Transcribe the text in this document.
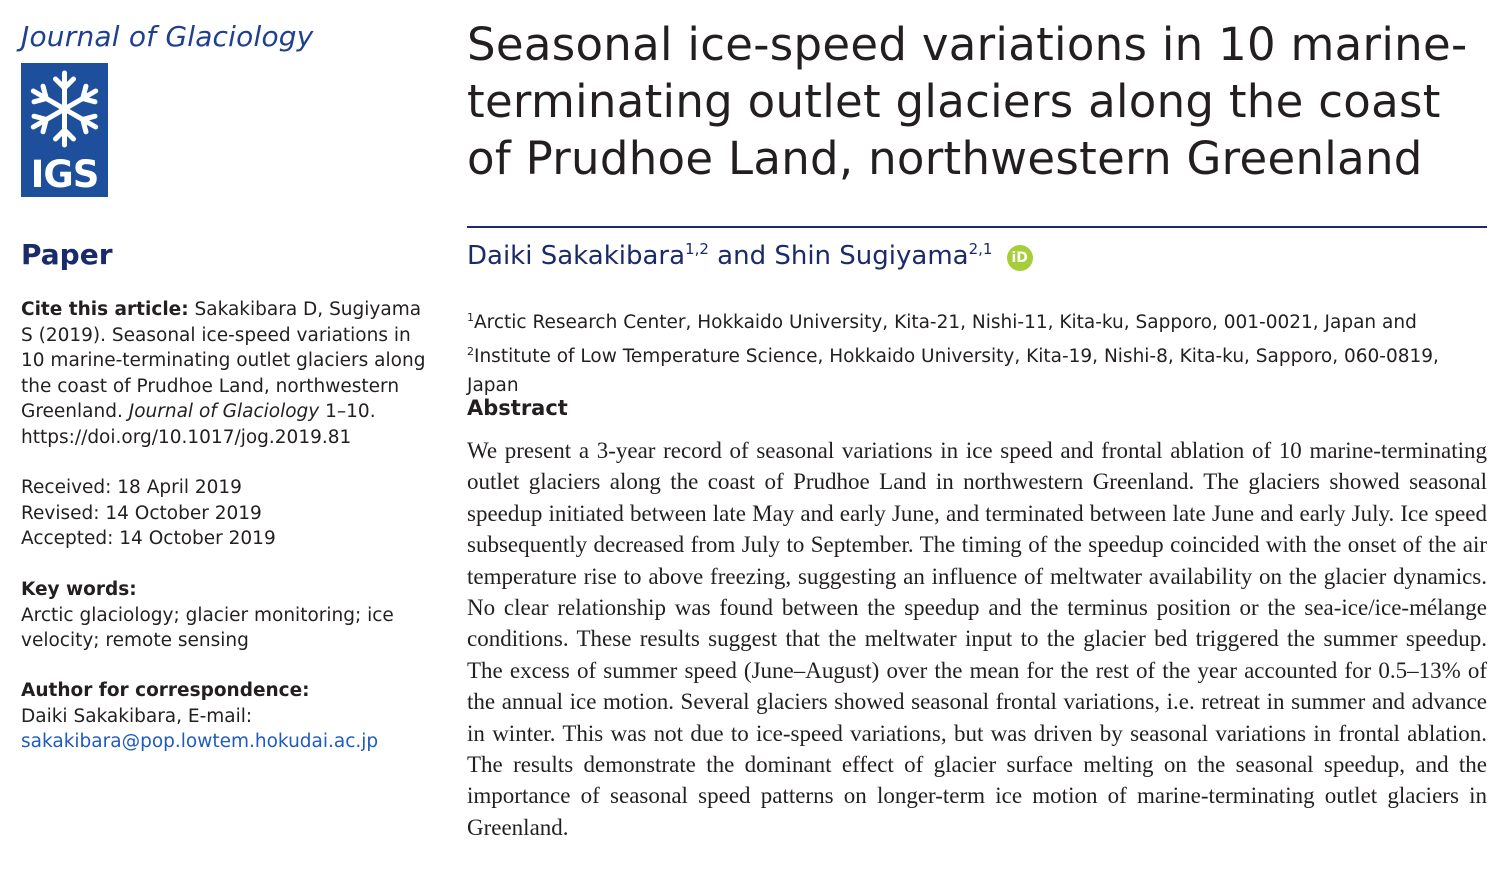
Journal of Glaciology
IGS
Paper
Cite this article: Sakakibara D, Sugiyama S (2019). Seasonal ice-speed variations in 10 marine-terminating outlet glaciers along the coast of Prudhoe Land, northwestern Greenland. Journal of Glaciology 1–10. https://doi.org/10.1017/jog.2019.81
Received: 18 April 2019
Revised: 14 October 2019
Accepted: 14 October 2019
Key words:
Arctic glaciology; glacier monitoring; ice velocity; remote sensing
Author for correspondence:
Daiki Sakakibara, E-mail: sakakibara@pop.lowtem.hokudai.ac.jp
Seasonal ice-speed variations in 10 marine-terminating outlet glaciers along the coast of Prudhoe Land, northwestern Greenland
Daiki Sakakibara$^{1,2}$ and Shin Sugiyama$^{2,1}$ iD
$^1$Arctic Research Center, Hokkaido University, Kita-21, Nishi-11, Kita-ku, Sapporo, 001-0021, Japan and $^2$Institute of Low Temperature Science, Hokkaido University, Kita-19, Nishi-8, Kita-ku, Sapporo, 060-0819, Japan
Abstract

We present a 3-year record of seasonal variations in ice speed and frontal ablation of 10 marine-terminating outlet glaciers along the coast of Prudhoe Land in northwestern Greenland. The glaciers showed seasonal speedup initiated between late May and early June, and terminated between late June and early July. Ice speed subsequently decreased from July to September. The timing of the speedup coincided with the onset of the air temperature rise to above freezing, suggesting an influence of meltwater availability on the glacier dynamics. No clear relationship was found between the speedup and the terminus position or the sea-ice/ice-mélange conditions. These results suggest that the meltwater input to the glacier bed triggered the summer speedup. The excess of summer speed (June–August) over the mean for the rest of the year accounted for 0.5–13% of the annual ice motion. Several glaciers showed seasonal frontal variations, i.e. retreat in summer and advance in winter. This was not due to ice-speed variations, but was driven by seasonal variations in frontal ablation. The results demonstrate the dominant effect of glacier surface melting on the seasonal speedup, and the importance of seasonal speed patterns on longer-term ice motion of marine-terminating outlet glaciers in Greenland.
